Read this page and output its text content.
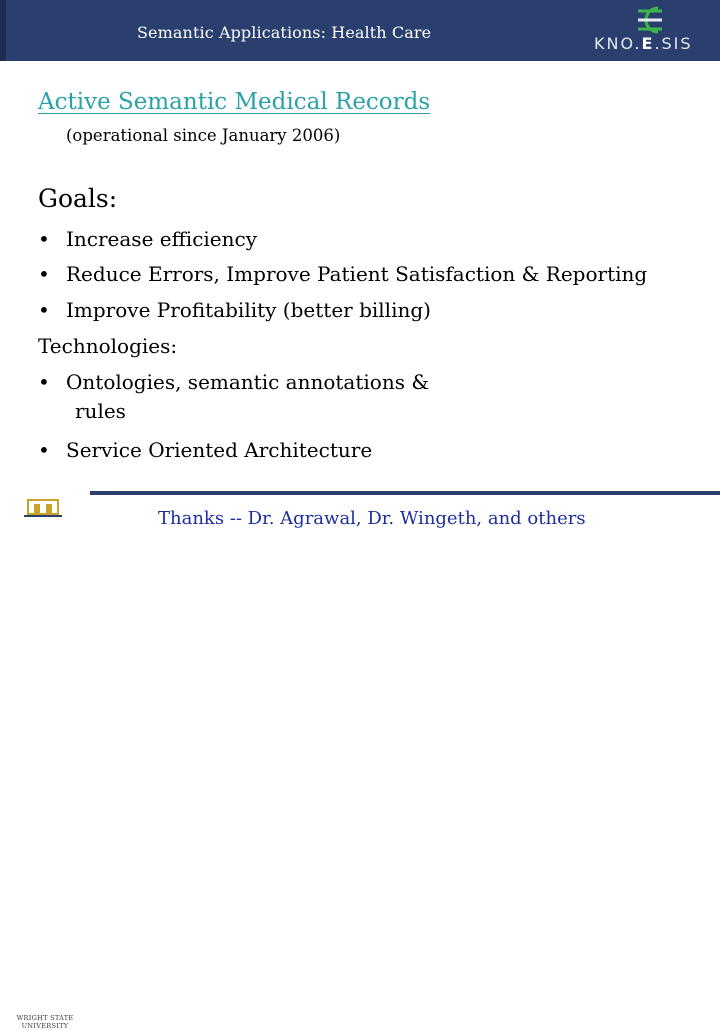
Semantic Applications: Health Care
KNO.E.SIS
Active Semantic Medical Records
(operational since January 2006)
Goals:
• Increase efficiency
• Reduce Errors, Improve Patient Satisfaction & Reporting
• Improve Profitability (better billing)
Technologies:
• Ontologies, semantic annotations &
rules
• Service Oriented Architecture
WRIGHT STATE UNIVERSITY
Thanks -- Dr. Agrawal, Dr. Wingeth, and others
